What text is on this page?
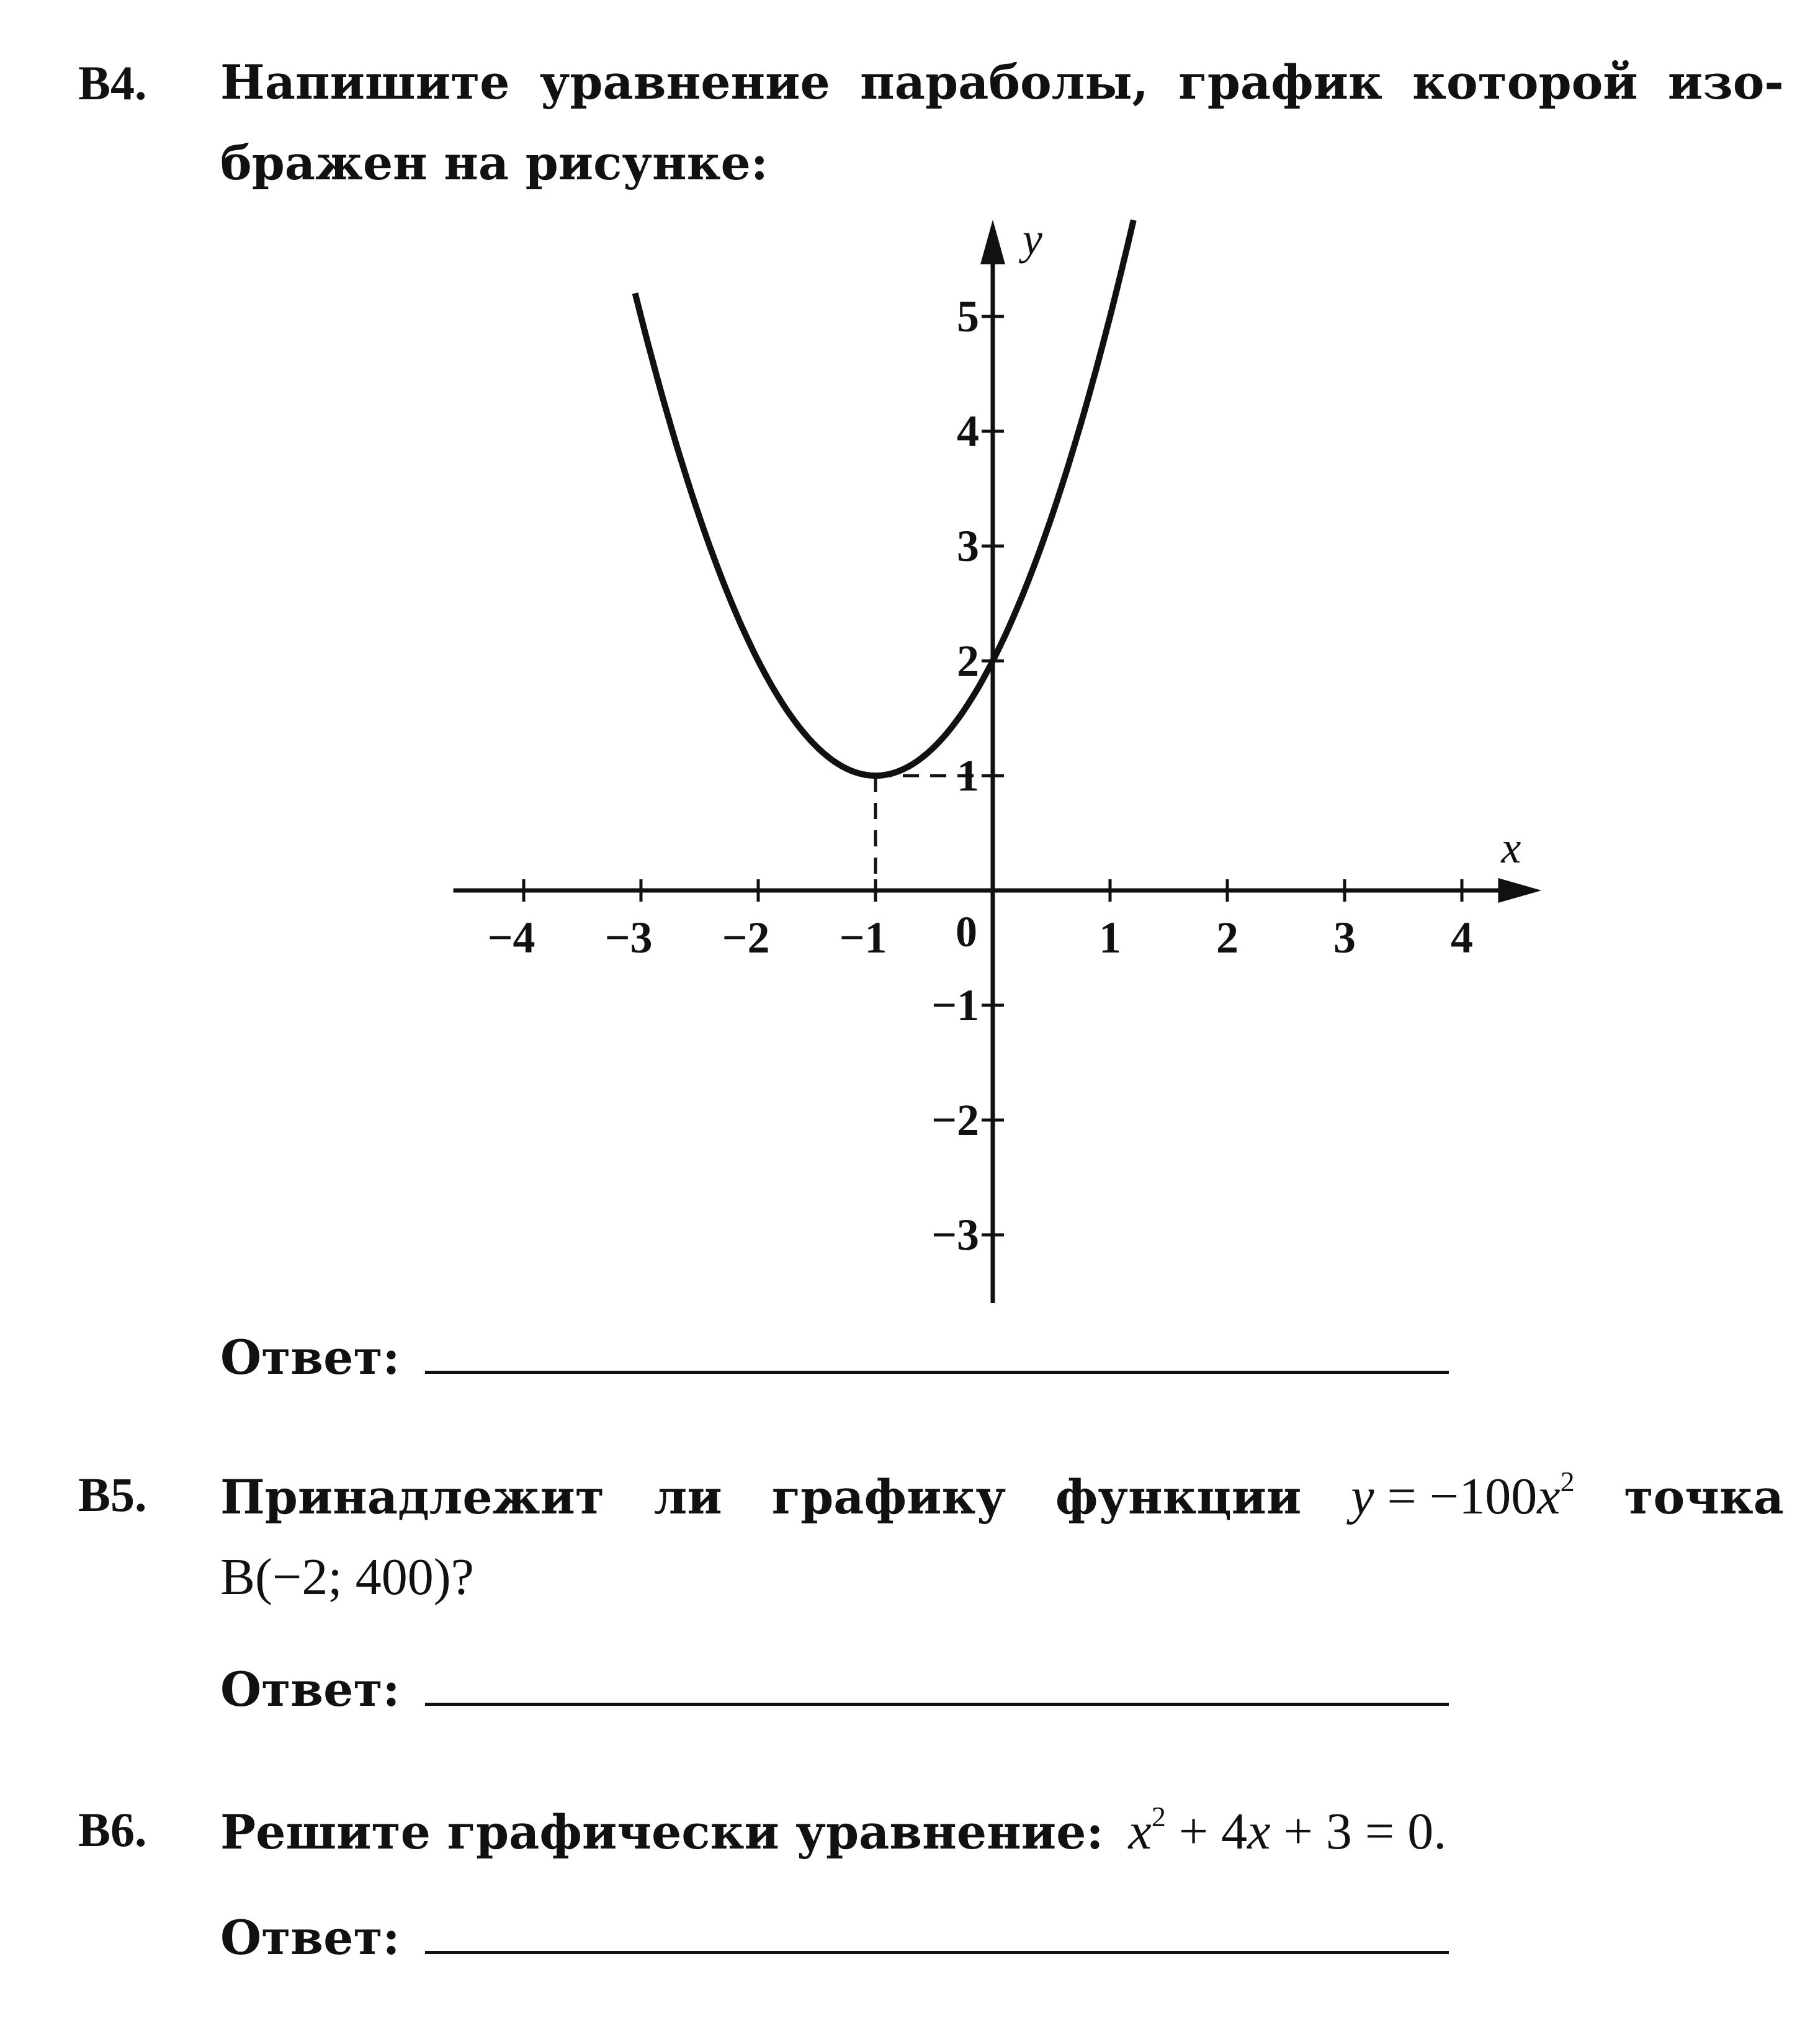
B4. Напишите уравнение параболы, график которой изо-
бражен на рисунке:
−4 −3 −2 −1	1 2 3 4
−3
−2
−1
1
2
3
4
5
x
y
0
Ответ:
B5. Принадлежит ли графику функции $y = -100x^2$ точка
B(−2; 400)?
Ответ:
B6. Решите графически уравнение: $x^2 + 4x + 3 = 0$.
Ответ:
